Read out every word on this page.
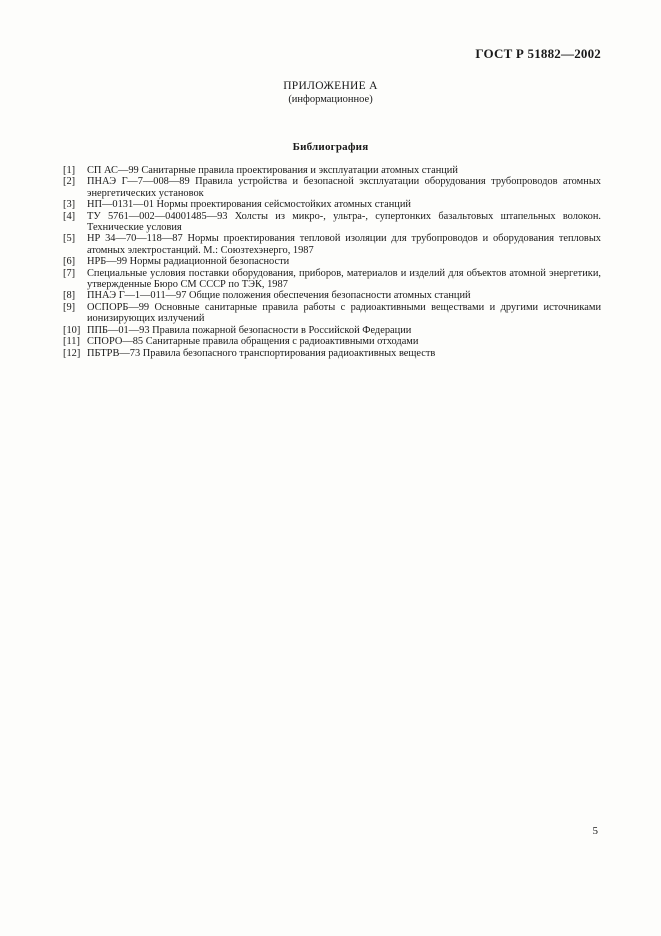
ГОСТ Р 51882—2002
ПРИЛОЖЕНИЕ А
(информационное)
Библиография
[1]	СП АС—99 Санитарные правила проектирования и эксплуатации атомных станций
[2]	ПНАЭ Г—7—008—89 Правила устройства и безопасной эксплуатации оборудования трубопроводов атомных энергетических установок
[3]	НП—0131—01 Нормы проектирования сейсмостойких атомных станций
[4]	ТУ 5761—002—04001485—93 Холсты из микро-, ультра-, супертонких базальтовых штапельных волокон. Технические условия
[5]	НР 34—70—118—87 Нормы проектирования тепловой изоляции для трубопроводов и оборудования тепловых атомных электростанций. М.: Союзтехэнерго, 1987
[6]	НРБ—99 Нормы радиационной безопасности
[7]	Специальные условия поставки оборудования, приборов, материалов и изделий для объектов атомной энергетики, утвержденные Бюро СМ СССР по ТЭК, 1987
[8]	ПНАЭ Г—1—011—97 Общие положения обеспечения безопасности атомных станций
[9]	ОСПОРБ—99 Основные санитарные правила работы с радиоактивными веществами и другими источниками ионизирующих излучений
[10] ППБ—01—93 Правила пожарной безопасности в Российской Федерации
[11] СПОРО—85 Санитарные правила обращения с радиоактивными отходами
[12] ПБТРВ—73 Правила безопасного транспортирования радиоактивных веществ
5
